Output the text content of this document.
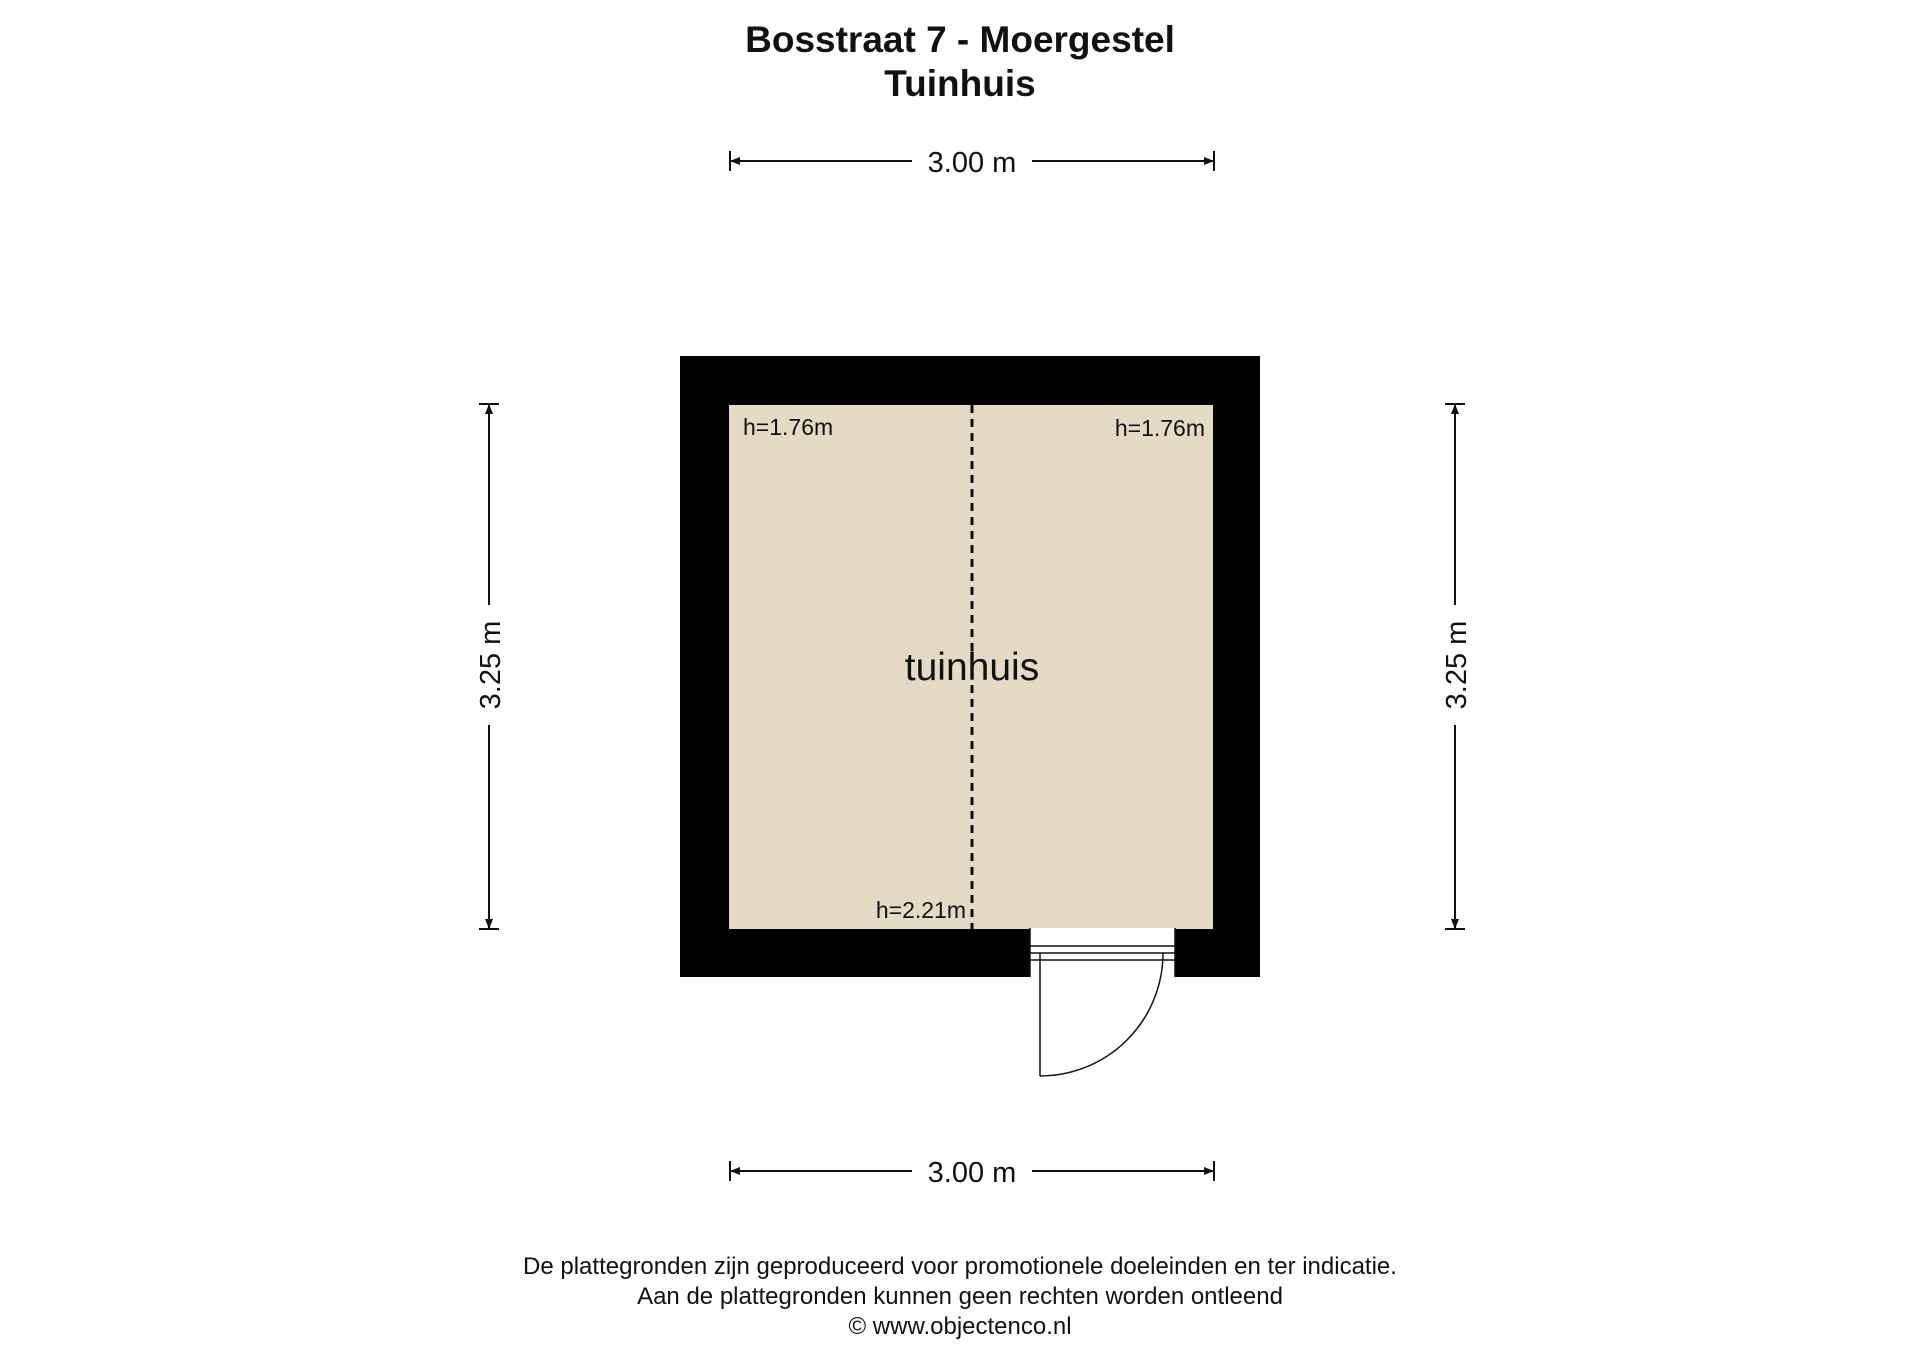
Bosstraat 7 - Moergestel
Tuinhuis
h=1.76m	h=1.76m
h=2.21m
tuinhuis
3.00 m
3.00 m
3.25 m	3.25 m
De plattegronden zijn geproduceerd voor promotionele doeleinden en ter indicatie.
Aan de plattegronden kunnen geen rechten worden ontleend
© www.objectenco.nl
